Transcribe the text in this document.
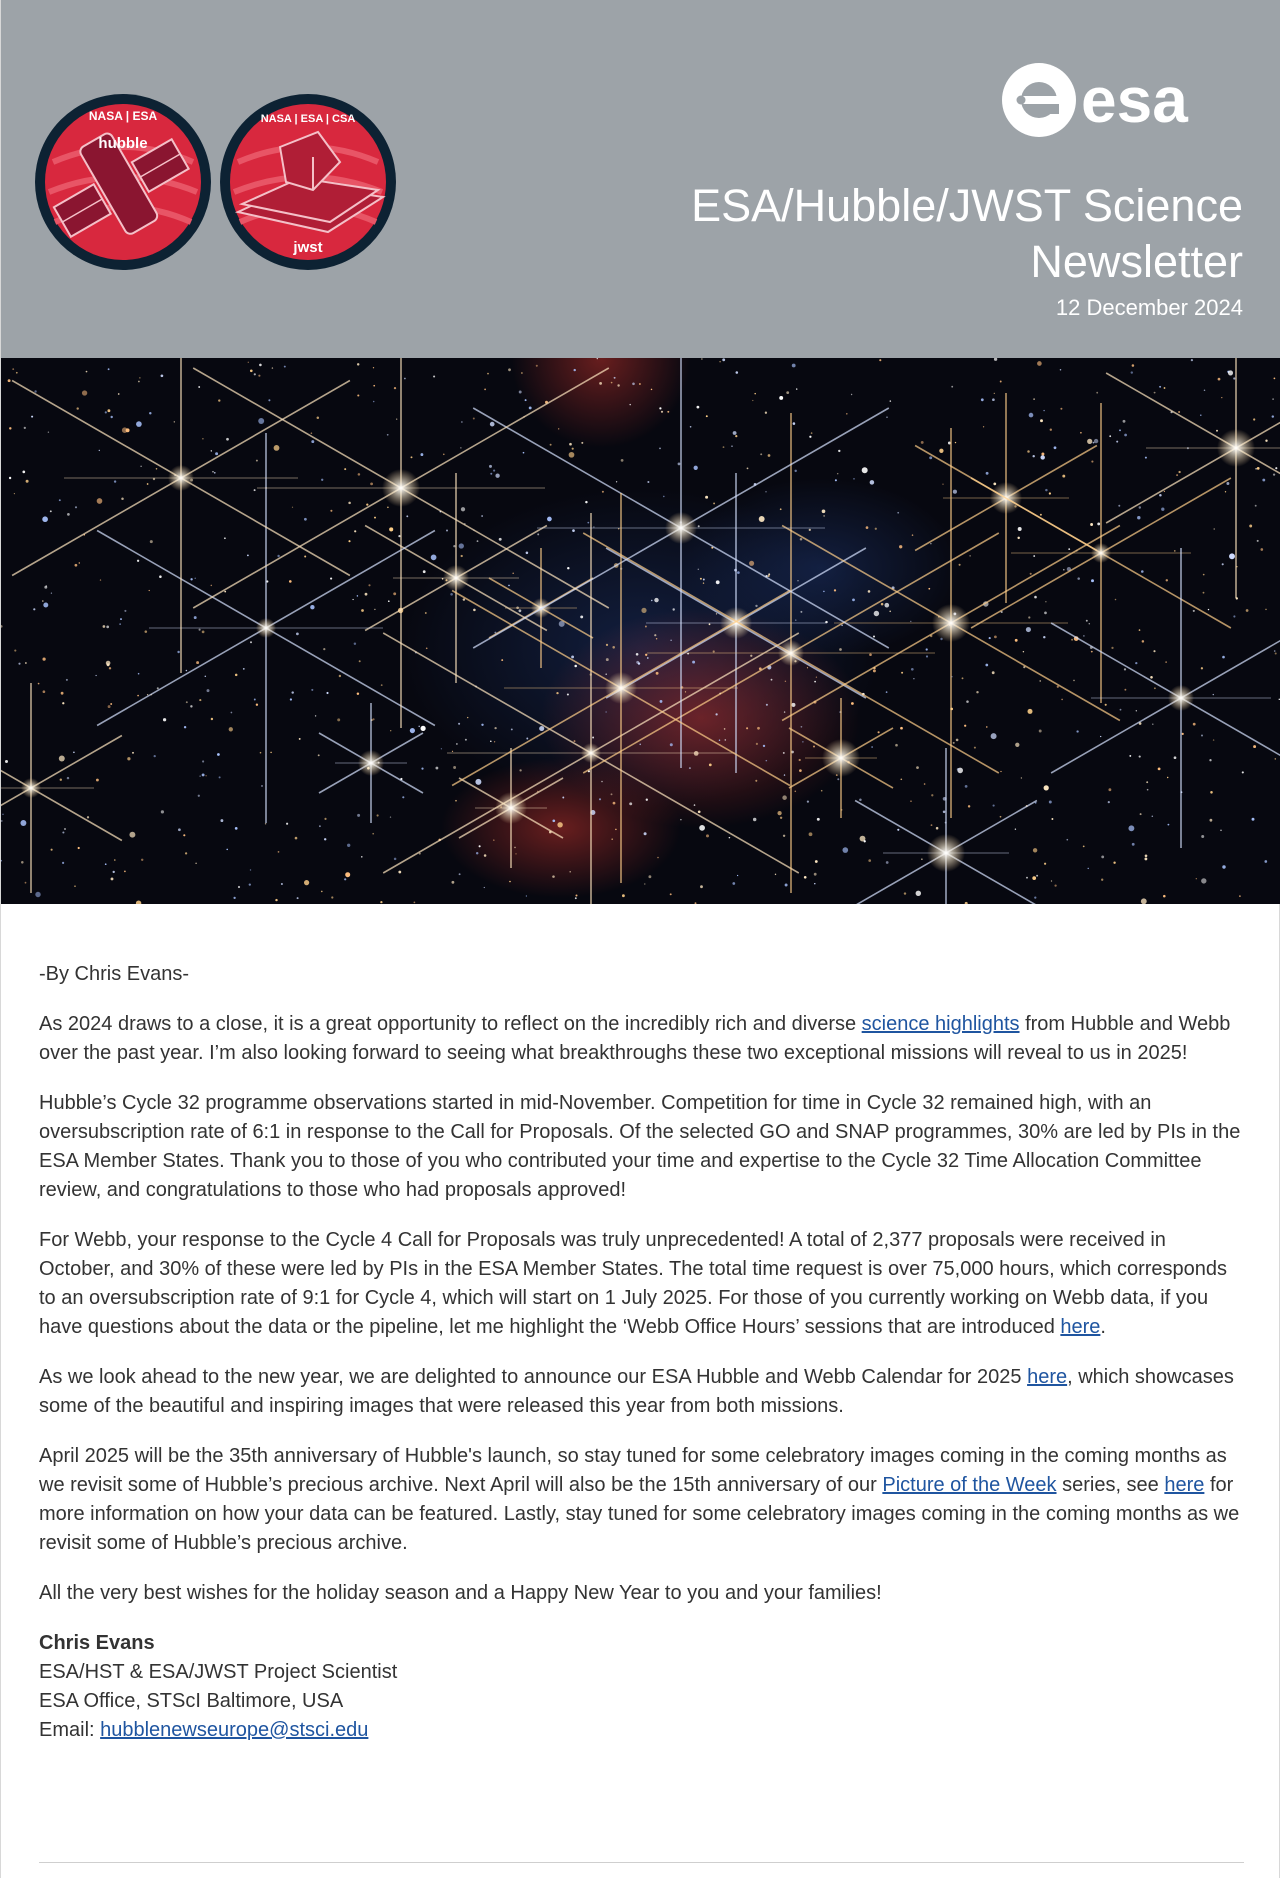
NASA | ESA
hubble
NASA | ESA | CSA
jwst
esa
ESA/Hubble/JWST Science
Newsletter
12 December 2024

-By Chris Evans-

As 2024 draws to a close, it is a great opportunity to reflect on the incredibly rich and diverse science highlights from Hubble and Webb over the past year. I’m also looking forward to seeing what breakthroughs these two exceptional missions will reveal to us in 2025!

Hubble’s Cycle 32 programme observations started in mid-November. Competition for time in Cycle 32 remained high, with an oversubscription rate of 6:1 in response to the Call for Proposals. Of the selected GO and SNAP programmes, 30% are led by PIs in the ESA Member States. Thank you to those of you who contributed your time and expertise to the Cycle 32 Time Allocation Committee review, and congratulations to those who had proposals approved!

For Webb, your response to the Cycle 4 Call for Proposals was truly unprecedented! A total of 2,377 proposals were received in October, and 30% of these were led by PIs in the ESA Member States. The total time request is over 75,000 hours, which corresponds to an oversubscription rate of 9:1 for Cycle 4, which will start on 1 July 2025. For those of you currently working on Webb data, if you have questions about the data or the pipeline, let me highlight the ‘Webb Office Hours’ sessions that are introduced here.

As we look ahead to the new year, we are delighted to announce our ESA Hubble and Webb Calendar for 2025 here, which showcases some of the beautiful and inspiring images that were released this year from both missions.

April 2025 will be the 35th anniversary of Hubble's launch, so stay tuned for some celebratory images coming in the coming months as we revisit some of Hubble’s precious archive. Next April will also be the 15th anniversary of our Picture of the Week series, see here for more information on how your data can be featured. Lastly, stay tuned for some celebratory images coming in the coming months as we revisit some of Hubble’s precious archive.

All the very best wishes for the holiday season and a Happy New Year to you and your families!

Chris Evans
ESA/HST & ESA/JWST Project Scientist
ESA Office, STScI Baltimore, USA
Email: hubblenewseurope@stsci.edu
